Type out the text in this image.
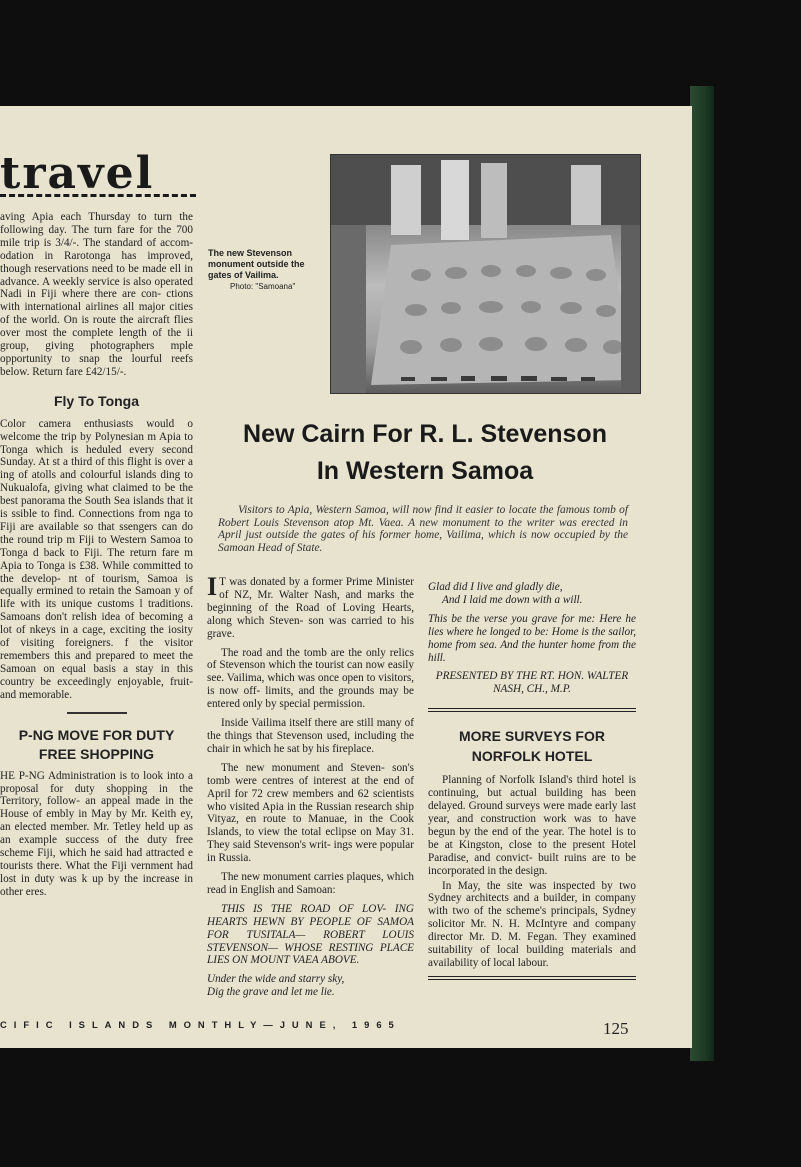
travel

aving Apia each Thursday to turn the following day. The turn fare for the 700 mile trip is 3/4/-. The standard of accom- odation in Rarotonga has improved, though reservations need to be made ell in advance. A weekly service is also operated Nadi in Fiji where there are con- ctions with international airlines all major cities of the world. On is route the aircraft flies over most the complete length of the ii group, giving photographers mple opportunity to snap the lourful reefs below. Return fare £42/15/-.

Fly To Tonga

Color camera enthusiasts would o welcome the trip by Polynesian m Apia to Tonga which is heduled every second Sunday. At st a third of this flight is over a ing of atolls and colourful islands ding to Nukualofa, giving what claimed to be the best panorama the South Sea islands that it is ssible to find. Connections from nga to Fiji are available so that ssengers can do the round trip m Fiji to Western Samoa to Tonga d back to Fiji. The return fare m Apia to Tonga is £38. While committed to the develop- nt of tourism, Samoa is equally ermined to retain the Samoan y of life with its unique customs l traditions. Samoans don't relish idea of becoming a lot of nkeys in a cage, exciting the iosity of visiting foreigners. f the visitor remembers this and prepared to meet the Samoan on equal basis a stay in this country be exceedingly enjoyable, fruit- and memorable.

P-NG MOVE FOR DUTY FREE SHOPPING

HE P-NG Administration is to look into a proposal for duty shopping in the Territory, follow- an appeal made in the House of embly in May by Mr. Keith ey, an elected member. Mr. Tetley held up as an example success of the duty free scheme Fiji, which he said had attracted e tourists there. What the Fiji vernment had lost in duty was k up by the increase in other eres.

The new Stevenson monument outside the gates of Vailima.
Photo: "Samoana"
New Cairn For R. L. Stevenson
In Western Samoa
Visitors to Apia, Western Samoa, will now find it easier to locate the famous tomb of Robert Louis Stevenson atop Mt. Vaea. A new monument to the writer was erected in April just outside the gates of his former home, Vailima, which is now occupied by the Samoan Head of State.

I T was donated by a former Prime Minister of NZ, Mr. Walter Nash, and marks the beginning of the Road of Loving Hearts, along which Steven- son was carried to his grave.

The road and the tomb are the only relics of Stevenson which the tourist can now easily see. Vailima, which was once open to visitors, is now off- limits, and the grounds may be entered only by special permission.

Inside Vailima itself there are still many of the things that Stevenson used, including the chair in which he sat by his fireplace.

The new monument and Steven- son's tomb were centres of interest at the end of April for 72 crew members and 62 scientists who visited Apia in the Russian research ship Vityaz, en route to Manuae, in the Cook Islands, to view the total eclipse on May 31. They said Stevenson's writ- ings were popular in Russia.

The new monument carries plaques, which read in English and Samoan:

THIS IS THE ROAD OF LOV- ING HEARTS HEWN BY PEOPLE OF SAMOA FOR TUSITALA— ROBERT LOUIS STEVENSON— WHOSE RESTING PLACE LIES ON MOUNT VAEA ABOVE.

Under the wide and starry sky,

Dig the grave and let me lie.

Glad did I live and gladly die,

And I laid me down with a will.

This be the verse you grave for me: Here he lies where he longed to be: Home is the sailor, home from sea. And the hunter home from the hill.

PRESENTED BY THE RT. HON. WALTER NASH, CH., M.P.

MORE SURVEYS FOR NORFOLK HOTEL

Planning of Norfolk Island's third hotel is continuing, but actual building has been delayed. Ground surveys were made early last year, and construction work was to have begun by the end of the year. The hotel is to be at Kingston, close to the present Hotel Paradise, and convict- built ruins are to be incorporated in the design.

In May, the site was inspected by two Sydney architects and a builder, in company with two of the scheme's principals, Sydney solicitor Mr. N. H. McIntyre and company director Mr. D. M. Fegan. They examined suitability of local building materials and availability of local labour.

CIFIC ISLANDS MONTHLY—JUNE, 1965	125
